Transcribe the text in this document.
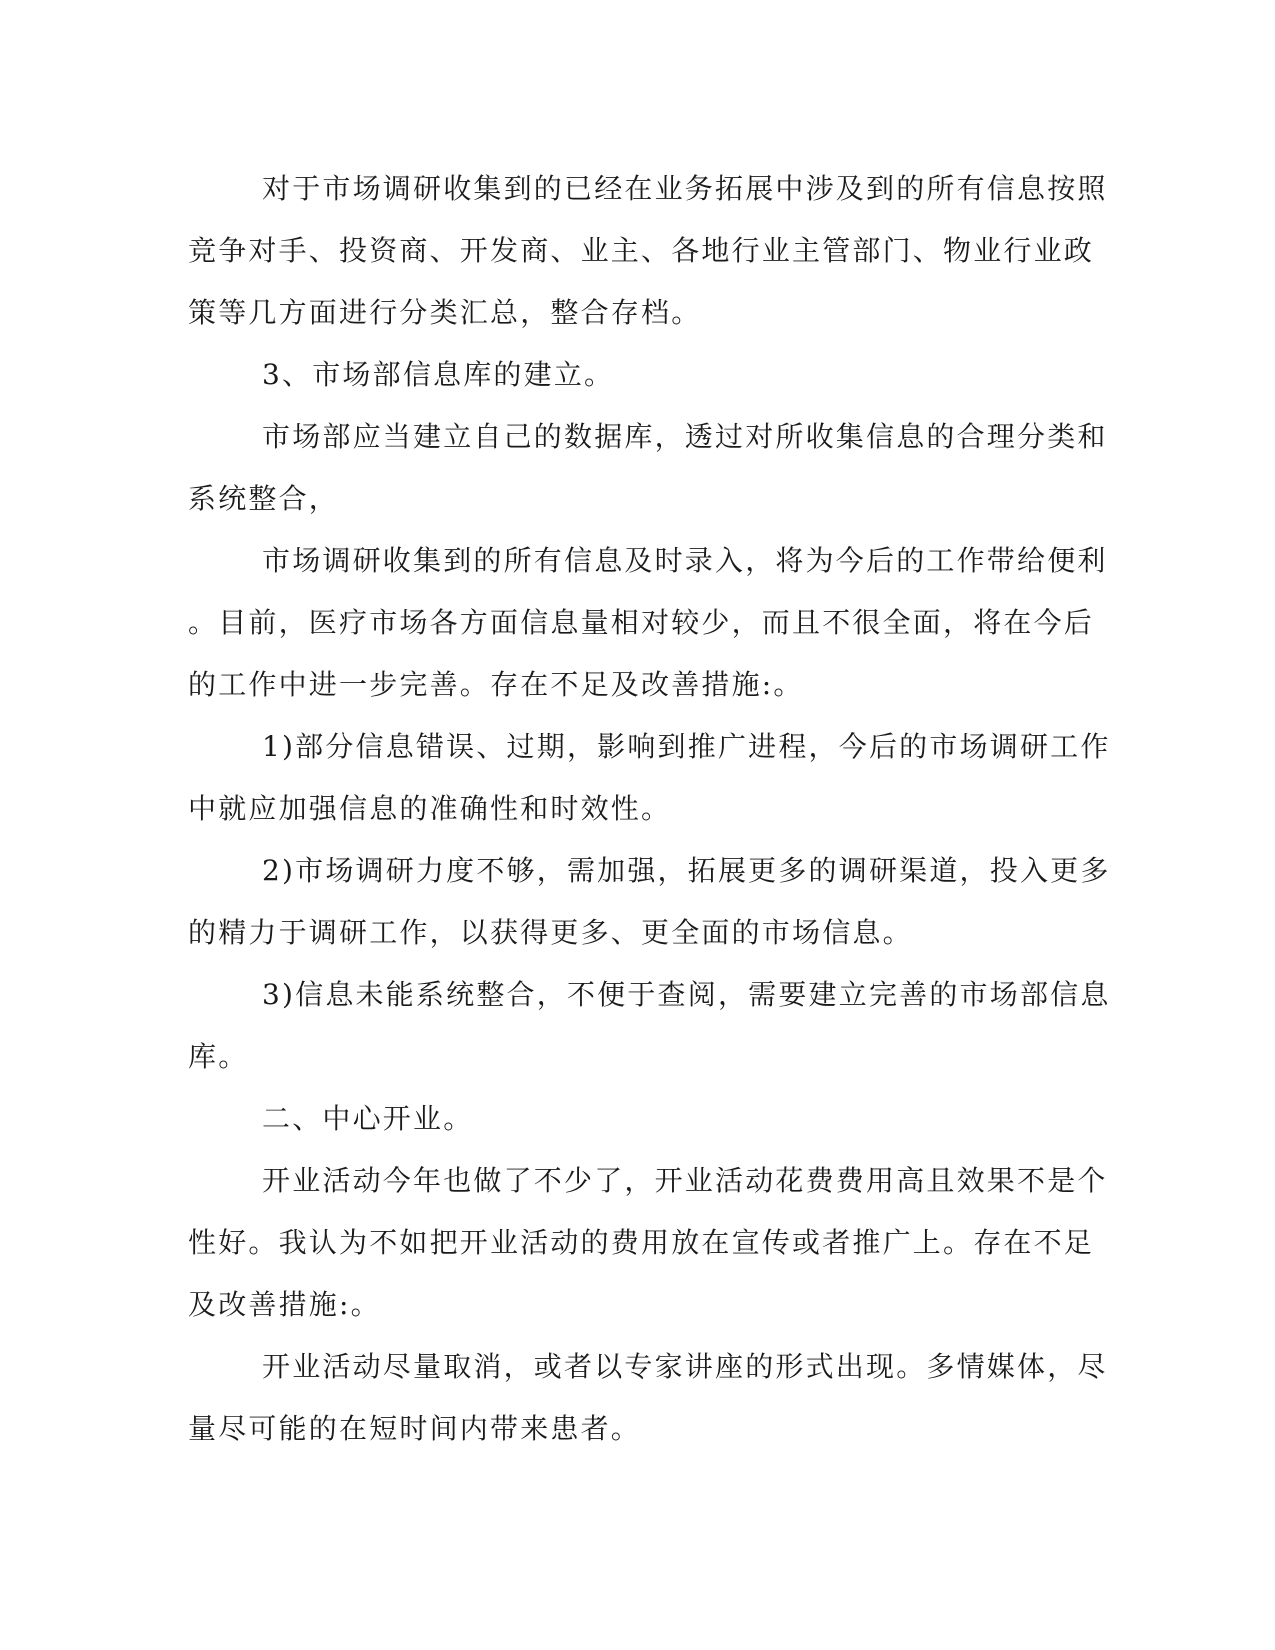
对于市场调研收集到的已经在业务拓展中涉及到的所有信息按照
竞争对手、投资商、开发商、业主、各地行业主管部门、物业行业政
策等几方面进行分类汇总，整合存档。
3、市场部信息库的建立。
市场部应当建立自己的数据库，透过对所收集信息的合理分类和
系统整合，
市场调研收集到的所有信息及时录入，将为今后的工作带给便利
。目前，医疗市场各方面信息量相对较少，而且不很全面，将在今后
的工作中进一步完善。存在不足及改善措施:。
1)部分信息错误、过期，影响到推广进程，今后的市场调研工作
中就应加强信息的准确性和时效性。
2)市场调研力度不够，需加强，拓展更多的调研渠道，投入更多
的精力于调研工作，以获得更多、更全面的市场信息。
3)信息未能系统整合，不便于查阅，需要建立完善的市场部信息
库。
二、中心开业。
开业活动今年也做了不少了，开业活动花费费用高且效果不是个
性好。我认为不如把开业活动的费用放在宣传或者推广上。存在不足
及改善措施:。
开业活动尽量取消，或者以专家讲座的形式出现。多情媒体，尽
量尽可能的在短时间内带来患者。
